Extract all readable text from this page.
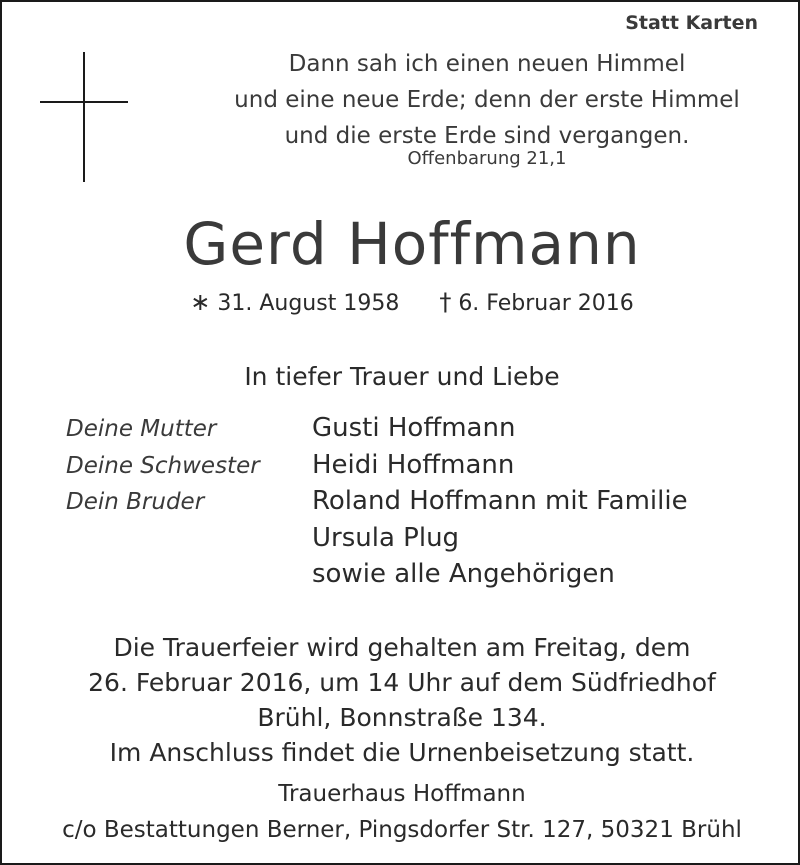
Statt Karten
Dann sah ich einen neuen Himmel
und eine neue Erde; denn der erste Himmel
und die erste Erde sind vergangen.
Offenbarung 21,1
Gerd Hoffmann
∗ 31. August 1958 † 6. Februar 2016
In tiefer Trauer und Liebe
Deine Mutter	Gusti Hoffmann
Deine Schwester Heidi Hoffmann
Dein Bruder	Roland Hoffmann mit Familie
Ursula Plug
sowie alle Angehörigen
Die Trauerfeier wird gehalten am Freitag, dem
26. Februar 2016, um 14 Uhr auf dem Südfriedhof
Brühl, Bonnstraße 134.
Im Anschluss findet die Urnenbeisetzung statt.
Trauerhaus Hoffmann
c/o Bestattungen Berner, Pingsdorfer Str. 127, 50321 Brühl
